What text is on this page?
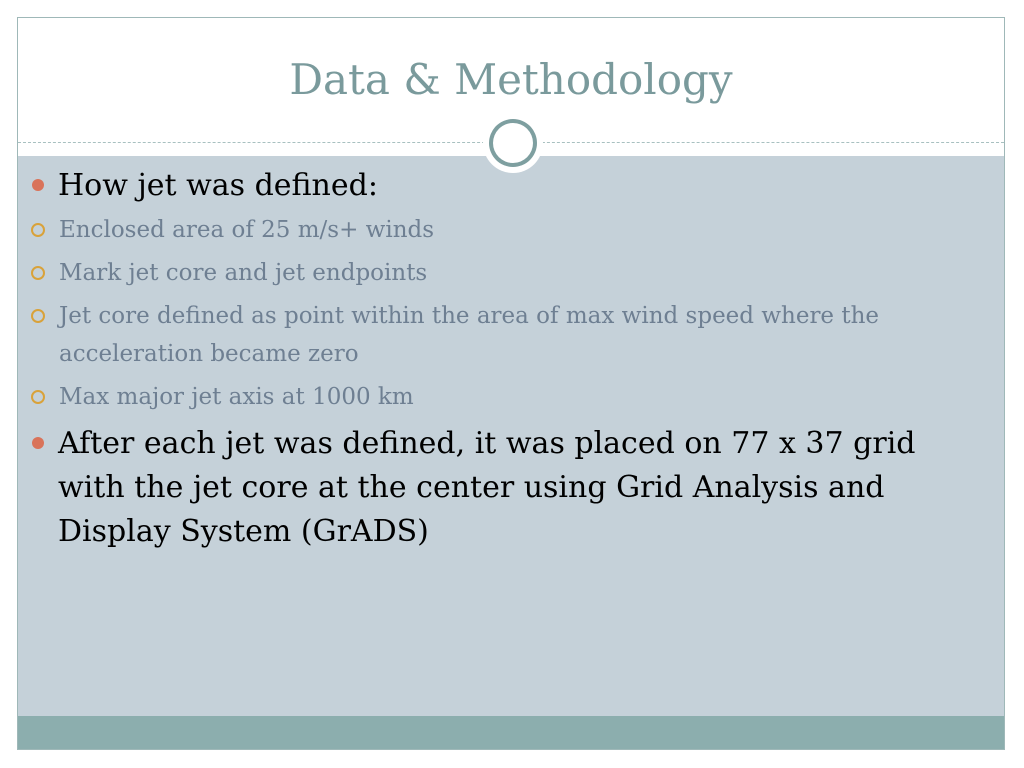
Data & Methodology
How jet was defined:
Enclosed area of 25 m/s+ winds
Mark jet core and jet endpoints
Jet core defined as point within the area of max wind speed where the acceleration became zero
Max major jet axis at 1000 km
After each jet was defined, it was placed on 77 x 37 grid with the jet core at the center using Grid Analysis and Display System (GrADS)
